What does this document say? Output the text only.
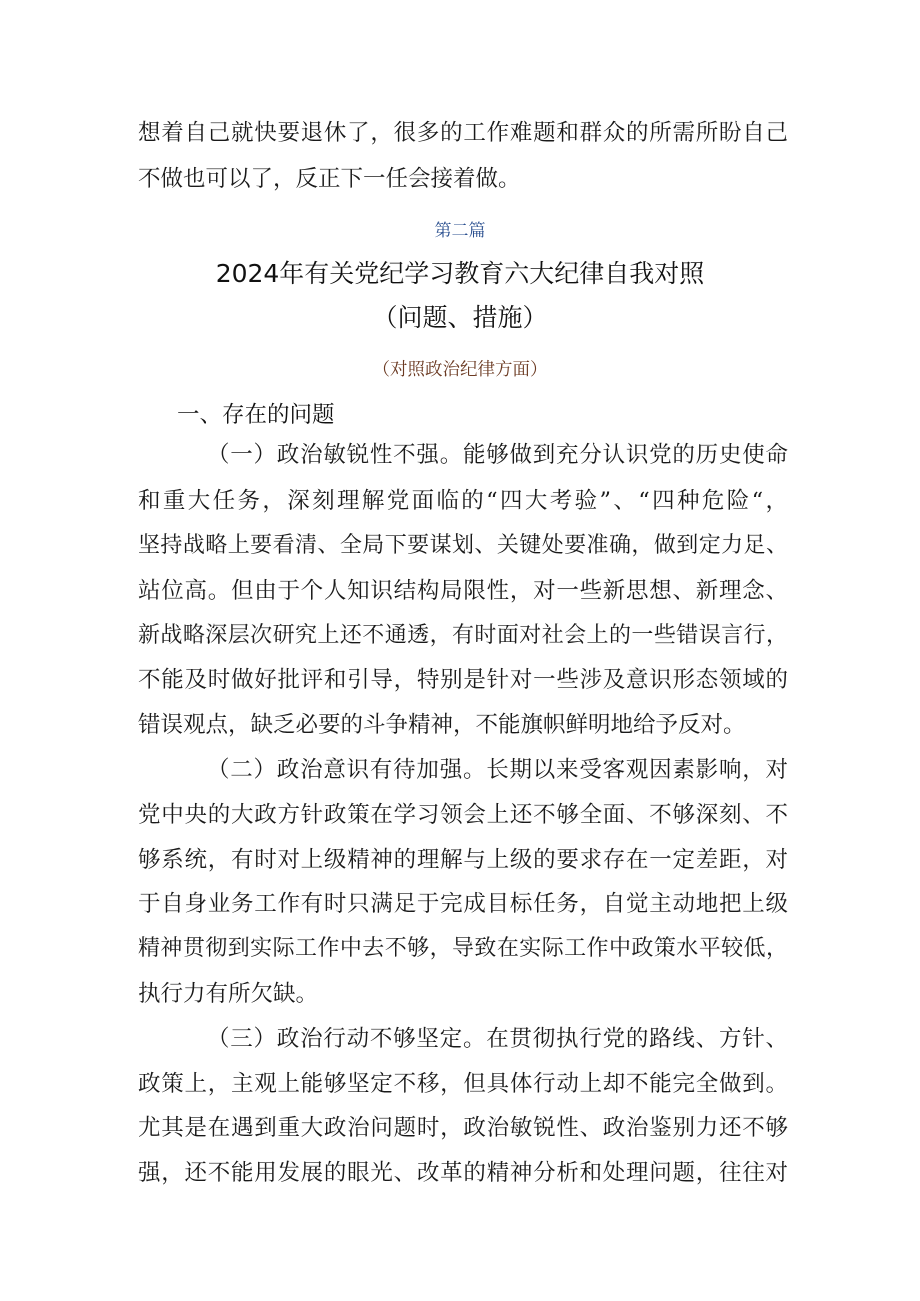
想着自己就快要退休了，很多的工作难题和群众的所需所盼自己
不做也可以了，反正下一任会接着做。
第二篇
2024年有关党纪学习教育六大纪律自我对照
（问题、措施）
（对照政治纪律方面）
一、存在的问题
（一）政治敏锐性不强。能够做到充分认识党的历史使命
和重大任务，深刻理解党面临的“四大考验”、“四种危险“，
坚持战略上要看清、全局下要谋划、关键处要准确，做到定力足、
站位高。但由于个人知识结构局限性，对一些新思想、新理念、
新战略深层次研究上还不通透，有时面对社会上的一些错误言行，
不能及时做好批评和引导，特别是针对一些涉及意识形态领域的
错误观点，缺乏必要的斗争精神，不能旗帜鲜明地给予反对。
（二）政治意识有待加强。长期以来受客观因素影响，对
党中央的大政方针政策在学习领会上还不够全面、不够深刻、不
够系统，有时对上级精神的理解与上级的要求存在一定差距，对
于自身业务工作有时只满足于完成目标任务，自觉主动地把上级
精神贯彻到实际工作中去不够，导致在实际工作中政策水平较低，
执行力有所欠缺。
（三）政治行动不够坚定。在贯彻执行党的路线、方针、
政策上，主观上能够坚定不移，但具体行动上却不能完全做到。
尤其是在遇到重大政治问题时，政治敏锐性、政治鉴别力还不够
强，还不能用发展的眼光、改革的精神分析和处理问题，往往对
